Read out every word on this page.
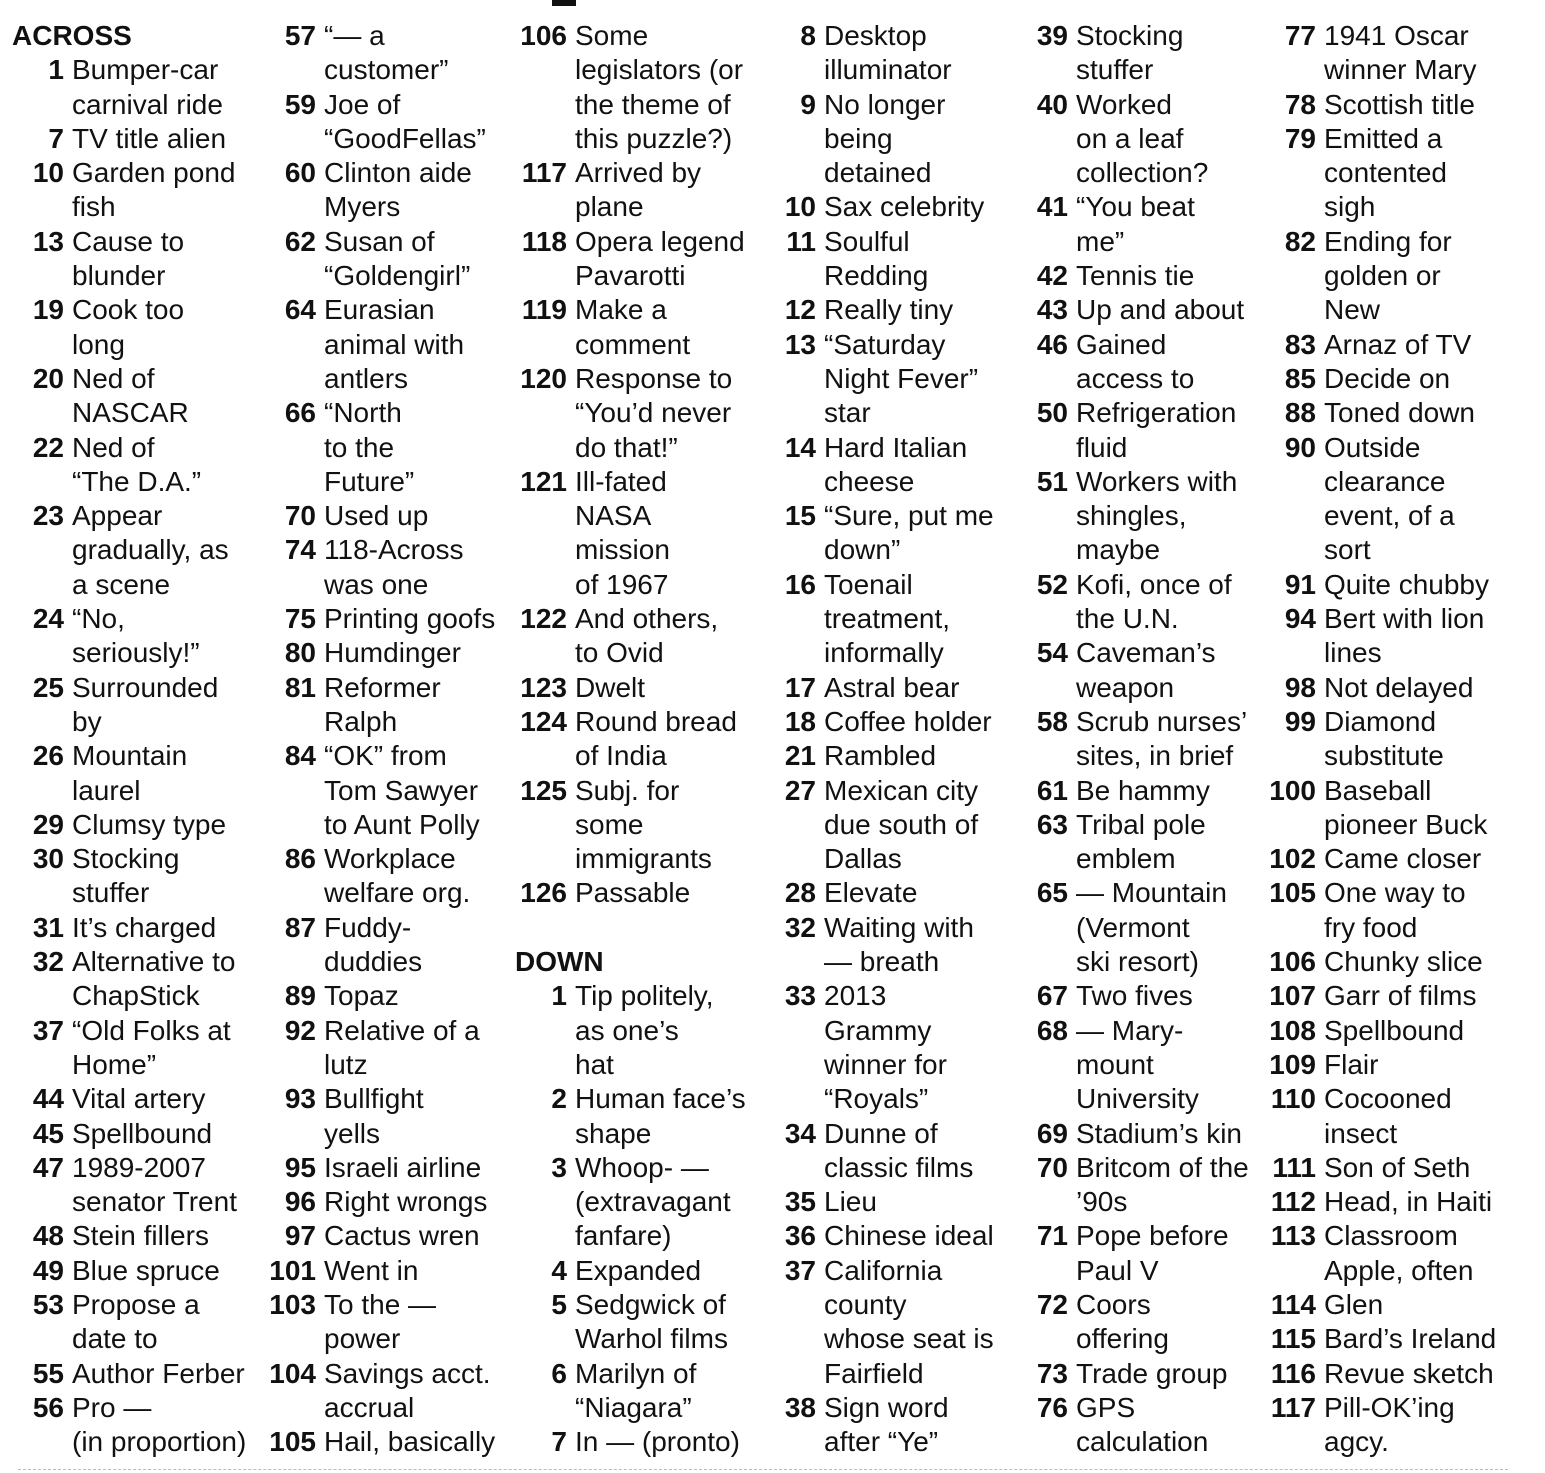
ACROSS
1 Bumper-car
carnival ride
7 TV title alien
10 Garden pond
fish
13 Cause to
blunder
19 Cook too
long
20 Ned of
NASCAR
22 Ned of
“The D.A.”
23 Appear
gradually, as
a scene
24 “No,
seriously!”
25 Surrounded
by
26 Mountain
laurel
29 Clumsy type
30 Stocking
stuffer
31 It’s charged
32 Alternative to
ChapStick
37 “Old Folks at
Home”
44 Vital artery
45 Spellbound
47 1989-2007
senator Trent
48 Stein fillers
49 Blue spruce
53 Propose a
date to
55 Author Ferber
56 Pro —
(in proportion)
57 “— a
customer”
59 Joe of
“GoodFellas”
60 Clinton aide
Myers
62 Susan of
“Goldengirl”
64 Eurasian
animal with
antlers
66 “North
to the
Future”
70 Used up
74 118-Across
was one
75 Printing goofs
80 Humdinger
81 Reformer
Ralph
84 “OK” from
Tom Sawyer
to Aunt Polly
86 Workplace
welfare org.
87 Fuddy-
duddies
89 Topaz
92 Relative of a
lutz
93 Bullfight
yells
95 Israeli airline
96 Right wrongs
97 Cactus wren
101 Went in
103 To the —
power
104 Savings acct.
accrual
105 Hail, basically
106 Some
legislators (or
the theme of
this puzzle?)
117 Arrived by
plane
118 Opera legend
Pavarotti
119 Make a
comment
120 Response to
“You’d never
do that!”
121 Ill-fated
NASA
mission
of 1967
122 And others,
to Ovid
123 Dwelt
124 Round bread
of India
125 Subj. for
some
immigrants
126 Passable
DOWN
1 Tip politely,
as one’s
hat
2 Human face’s
shape
3 Whoop- —
(extravagant
fanfare)
4 Expanded
5 Sedgwick of
Warhol films
6 Marilyn of
“Niagara”
7 In — (pronto)
8 Desktop
illuminator
9 No longer
being
detained
10 Sax celebrity
11 Soulful
Redding
12 Really tiny
13 “Saturday
Night Fever”
star
14 Hard Italian
cheese
15 “Sure, put me
down”
16 Toenail
treatment,
informally
17 Astral bear
18 Coffee holder
21 Rambled
27 Mexican city
due south of
Dallas
28 Elevate
32 Waiting with
— breath
33 2013
Grammy
winner for
“Royals”
34 Dunne of
classic films
35 Lieu
36 Chinese ideal
37 California
county
whose seat is
Fairfield
38 Sign word
after “Ye”
39 Stocking
stuffer
40 Worked
on a leaf
collection?
41 “You beat
me”
42 Tennis tie
43 Up and about
46 Gained
access to
50 Refrigeration
fluid
51 Workers with
shingles,
maybe
52 Kofi, once of
the U.N.
54 Caveman’s
weapon
58 Scrub nurses’
sites, in brief
61 Be hammy
63 Tribal pole
emblem
65 — Mountain
(Vermont
ski resort)
67 Two fives
68 — Mary-
mount
University
69 Stadium’s kin
70 Britcom of the
’90s
71 Pope before
Paul V
72 Coors
offering
73 Trade group
76 GPS
calculation
77 1941 Oscar
winner Mary
78 Scottish title
79 Emitted a
contented
sigh
82 Ending for
golden or
New
83 Arnaz of TV
85 Decide on
88 Toned down
90 Outside
clearance
event, of a
sort
91 Quite chubby
94 Bert with lion
lines
98 Not delayed
99 Diamond
substitute
100 Baseball
pioneer Buck
102 Came closer
105 One way to
fry food
106 Chunky slice
107 Garr of films
108 Spellbound
109 Flair
110 Cocooned
insect
111 Son of Seth
112 Head, in Haiti
113 Classroom
Apple, often
114 Glen
115 Bard’s Ireland
116 Revue sketch
117 Pill-OK’ing
agcy.
